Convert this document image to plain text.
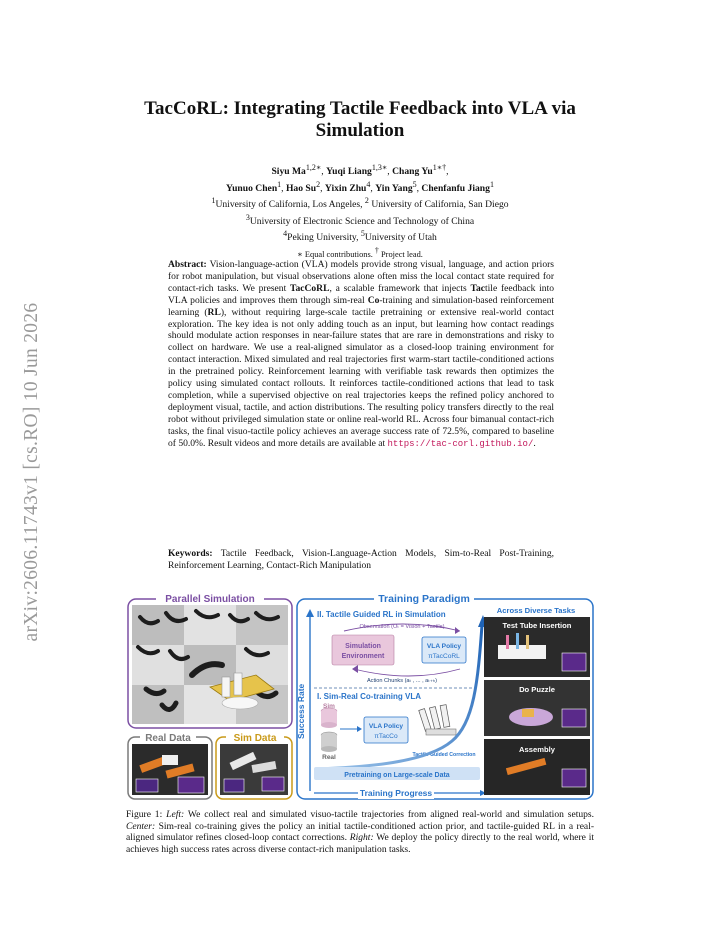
arXiv:2606.11743v1 [cs.RO] 10 Jun 2026
TacCoRL: Integrating Tactile Feedback into VLA via
Simulation
Siyu $Ma^{1,2∗}$, Yuqi Liang$^{1,3∗}$, Chang $Yu^{1∗\dagger}$,
Yunuo Chen$^1$, Hao Su$^2$, Yixin Zhu$^4$, Yin Yang$^5$, Chenfanfu Jiang$^1$
$^1$University of California, Los Angeles, $^2$ University of California, San Diego
$^3$University of Electronic Science and Technology of China
$^4$Peking University, $^5$University of Utah
∗ Equal contributions. † Project lead.
Abstract: Vision-language-action (VLA) models provide strong visual, language, and action priors for robot manipulation, but visual observations alone often miss the local contact state required for contact-rich tasks. We present TacCoRL, a scalable framework that injects Tactile feedback into VLA policies and improves them through sim-real Co-training and simulation-based reinforcement learning (RL), without requiring large-scale tactile pretraining or extensive real-world contact exploration. The key idea is not only adding touch as an input, but learning how contact readings should modulate action responses in near-failure states that are rare in demonstrations and risky to collect on hardware. We use a real-aligned simulator as a closed-loop training environment for contact interaction. Mixed simulated and real trajectories first warm-start tactile-conditioned actions in the pretrained policy. Reinforcement learning with verifiable task rewards then optimizes the policy using simulated contact rollouts. It reinforces tactile-conditioned actions that lead to task completion, while a supervised objective on real trajectories keeps the refined policy anchored to deployment visual, tactile, and action distributions. The resulting policy transfers directly to the real robot without privileged simulation state or online real-world RL. Across four bimanual contact-rich tasks, the final visuo-tactile policy achieves an average success rate of 72.5%, compared to baseline of 50.0%. Result videos and more details are available at https://tac-corl.github.io/.
Keywords: Tactile Feedback, Vision-Language-Action Models, Sim-to-Real Post-Training, Reinforcement Learning, Contact-Rich Manipulation
Parallel Simulation
Real Data	Sim Data
Training Paradigm
Success Rate
II. Tactile Guided RL in Simulation
Observation (Oₜ = Vision + Tactile)
Simulation
Environment
VLA Policy
πTacCoRL
Action Chunks (aₜ , ... , aₜ₊ₕ)
I. Sim-Real Co-training VLA
Sim
Real
VLA Policy
πTacCo
Tactile Guided Correction
Pretraining on Large-scale Data
Training Progress
Across Diverse Tasks
Test Tube Insertion
Do Puzzle
Assembly
Figure 1: Left: We collect real and simulated visuo-tactile trajectories from aligned real-world and simulation setups. Center: Sim-real co-training gives the policy an initial tactile-conditioned action prior, and tactile-guided RL in a real-aligned simulator refines closed-loop contact corrections. Right: We deploy the policy directly to the real world, where it achieves high success rates across diverse contact-rich manipulation tasks.
